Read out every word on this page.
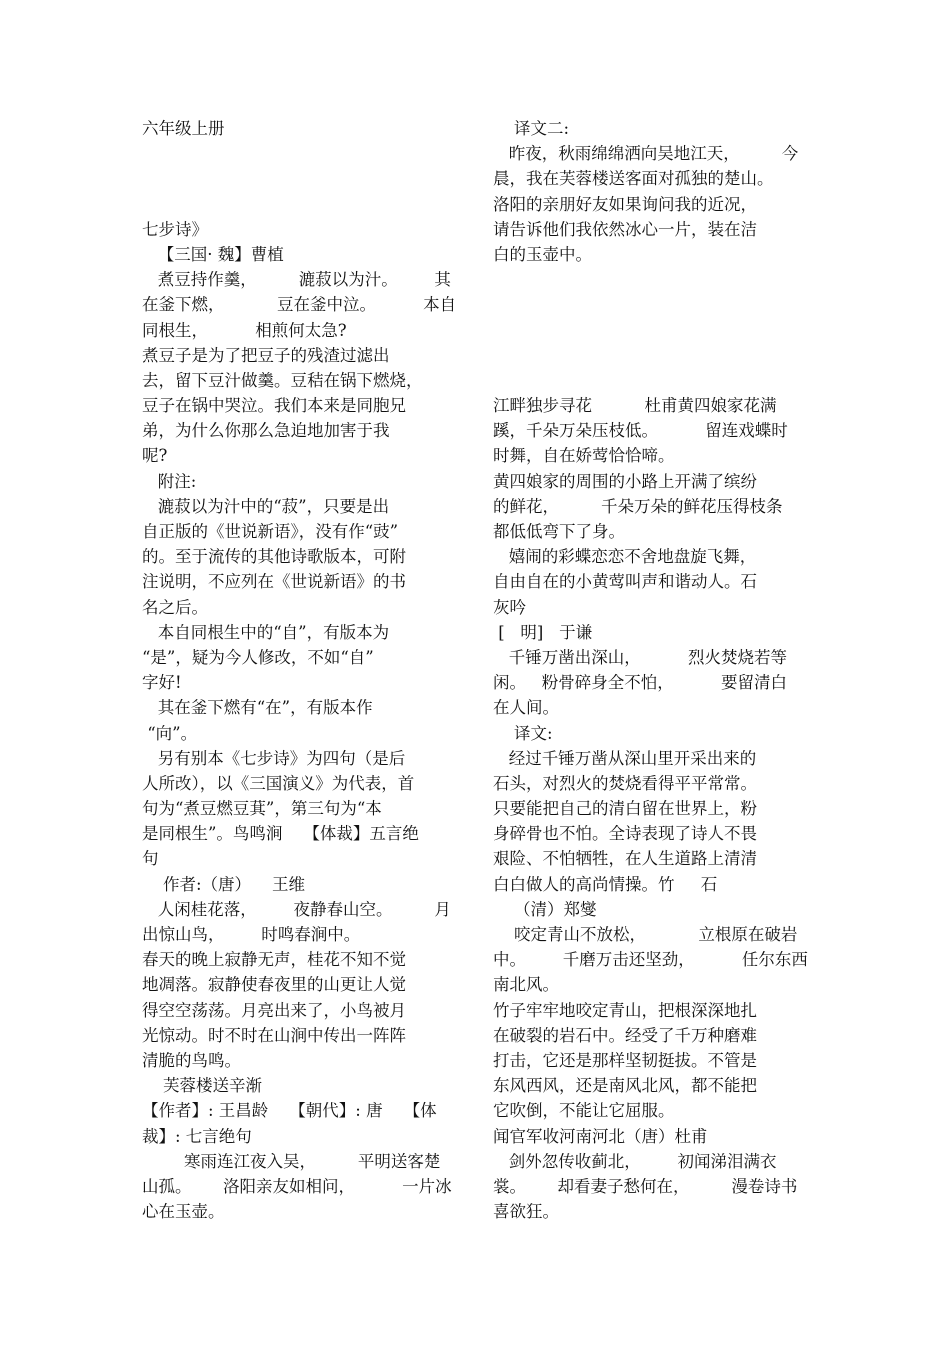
六年级上册
七步诗》
【三国· 魏】曹植
煮豆持作羹，        漉菽以为汁。       其
在釜下燃，          豆在釜中泣。         本自
同根生，         相煎何太急?
煮豆子是为了把豆子的残渣过滤出
去，留下豆汁做羹。豆秸在锅下燃烧，
豆子在锅中哭泣。我们本来是同胞兄
弟，为什么你那么急迫地加害于我
呢?
附注:
漉菽以为汁中的“菽”，只要是出
自正版的《世说新语》，没有作“豉”
的。至于流传的其他诗歌版本，可附
注说明，不应列在《世说新语》的书
名之后。
本自同根生中的“自”，有版本为
“是”，疑为今人修改，不如“自”
字好!
其在釜下燃有“在”，有版本作
“向”。
另有别本《七步诗》为四句（是后
人所改），以《三国演义》为代表，首
句为“煮豆燃豆萁”，第三句为“本
是同根生”。鸟鸣涧    【体裁】五言绝
句
作者:（唐）    王维
人闲桂花落，       夜静春山空。        月
出惊山鸟，       时鸣春涧中。
春天的晚上寂静无声，桂花不知不觉
地凋落。寂静使春夜里的山更让人觉
得空空荡荡。月亮出来了，小鸟被月
光惊动。时不时在山涧中传出一阵阵
清脆的鸟鸣。
芙蓉楼送辛渐
【作者】: 王昌龄    【朝代】: 唐    【体
裁】: 七言绝句
寒雨连江夜入吴，        平明送客楚
山孤。      洛阳亲友如相问，         一片冰
心在玉壶。
译文二:
昨夜，秋雨绵绵洒向吴地江天，        今
晨，我在芙蓉楼送客面对孤独的楚山。
洛阳的亲朋好友如果询问我的近况，
请告诉他们我依然冰心一片，装在洁
白的玉壶中。
江畔独步寻花          杜甫黄四娘家花满
蹊，千朵万朵压枝低。         留连戏蝶时
时舞，自在娇莺恰恰啼。
黄四娘家的周围的小路上开满了缤纷
的鲜花，        千朵万朵的鲜花压得枝条
都低低弯下了身。
嬉闹的彩蝶恋恋不舍地盘旋飞舞，
自由自在的小黄莺叫声和谐动人。石
灰吟
[   明]   于谦
千锤万凿出深山，         烈火焚烧若等
闲。   粉骨碎身全不怕，         要留清白
在人间。
译文:
经过千锤万凿从深山里开采出来的
石头，对烈火的焚烧看得平平常常。
只要能把自己的清白留在世界上，粉
身碎骨也不怕。全诗表现了诗人不畏
艰险、不怕牺牲，在人生道路上清清
白白做人的高尚情操。竹     石
（清）郑燮
咬定青山不放松，          立根原在破岩
中。       千磨万击还坚劲，         任尔东西
南北风。
竹子牢牢地咬定青山，把根深深地扎
在破裂的岩石中。经受了千万种磨难
打击，它还是那样坚韧挺拔。不管是
东风西风，还是南风北风，都不能把
它吹倒，不能让它屈服。
闻官军收河南河北（唐）杜甫
剑外忽传收蓟北，       初闻涕泪满衣
裳。      却看妻子愁何在，        漫卷诗书
喜欲狂。
